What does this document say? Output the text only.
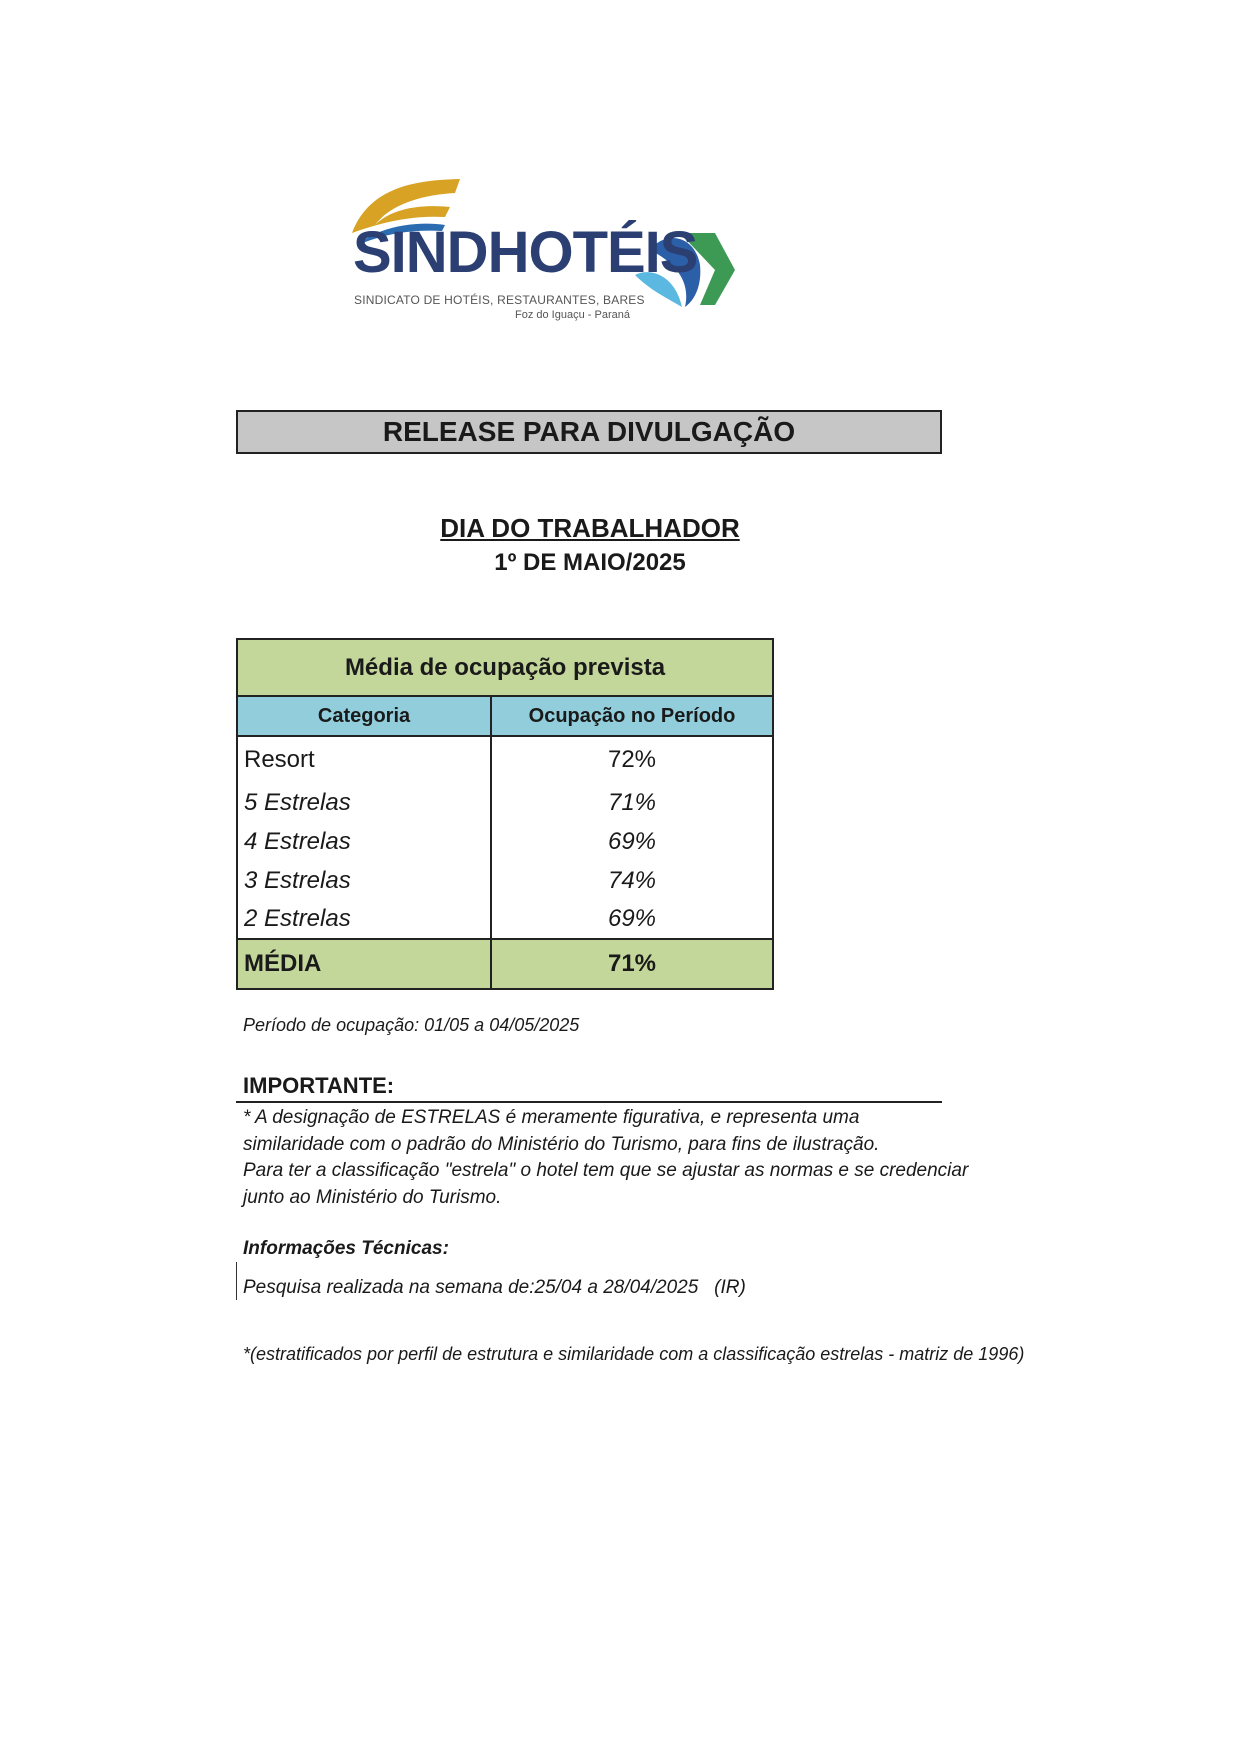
SINDHOTÉIS
SINDICATO DE HOTÉIS, RESTAURANTES, BARES
Foz do Iguaçu - Paraná
RELEASE PARA DIVULGAÇÃO
DIA DO TRABALHADOR
1º DE MAIO/2025
Média de ocupação prevista	
Categoria	Ocupação no Período
Resort	72%
5 Estrelas	71%
4 Estrelas	69%
3 Estrelas	74%
2 Estrelas	69%
MÉDIA	71%
Período de ocupação: 01/05 a 04/05/2025
IMPORTANTE:
* A designação de ESTRELAS é meramente figurativa, e representa uma
similaridade com o padrão do Ministério do Turismo, para fins de ilustração.
Para ter a classificação "estrela" o hotel tem que se ajustar as normas e se credenciar
junto ao Ministério do Turismo.
Informações Técnicas:
Pesquisa realizada na semana de:25/04 a 28/04/2025   (IR)
*(estratificados por perfil de estrutura e similaridade com a classificação estrelas - matriz de 1996)
